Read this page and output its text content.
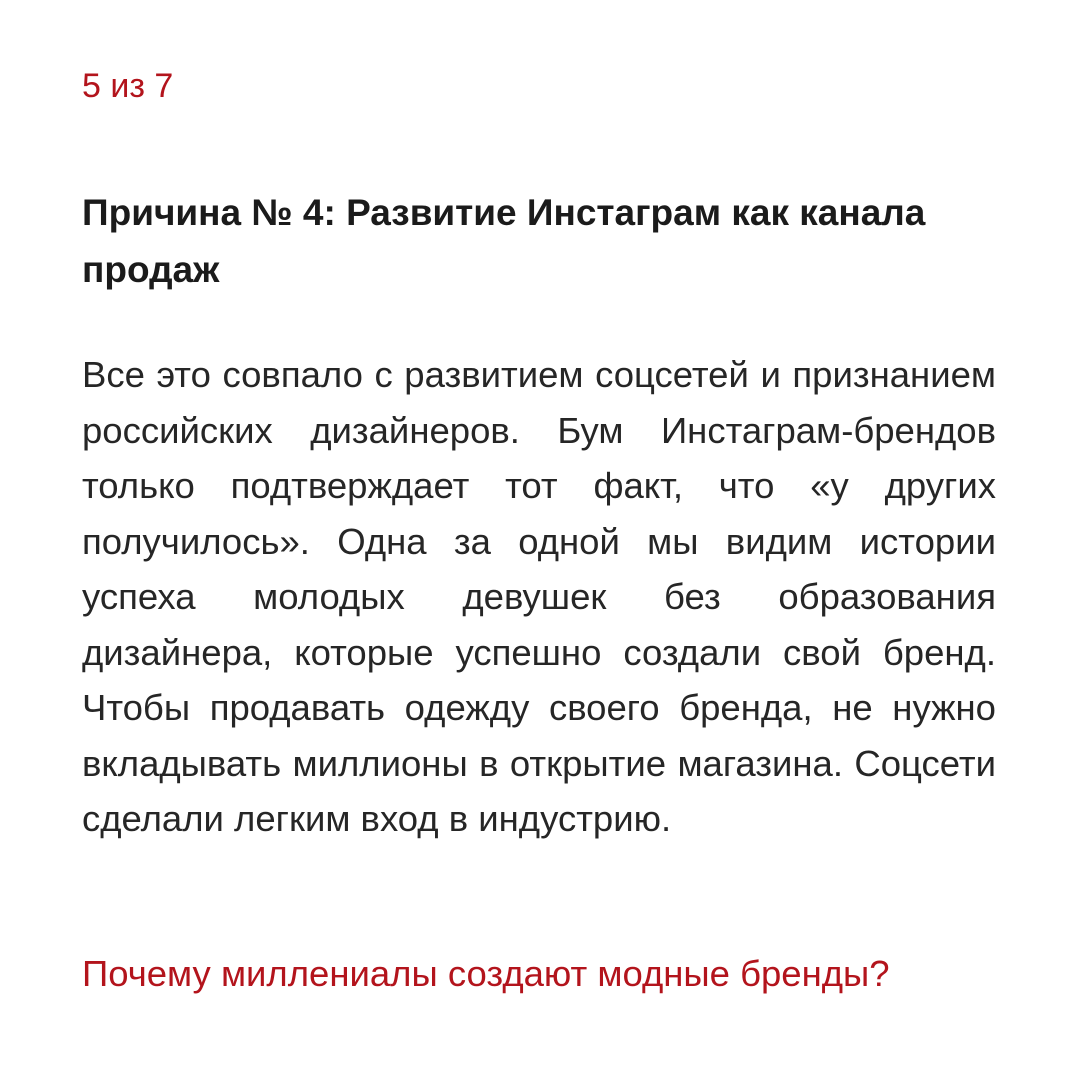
5 из 7
Причина № 4: Развитие Инстаграм как канала продаж

Все это совпало с развитием соцсетей и признанием российских дизайнеров. Бум Инстаграм-брендов только подтверждает тот факт, что «у других получилось». Одна за одной мы видим истории успеха молодых девушек без образования дизайнера, которые успешно создали свой бренд. Чтобы продавать одежду своего бренда, не нужно вкладывать миллионы в открытие магазина. Соцсети сделали легким вход в индустрию.

Почему миллениалы создают модные бренды?
